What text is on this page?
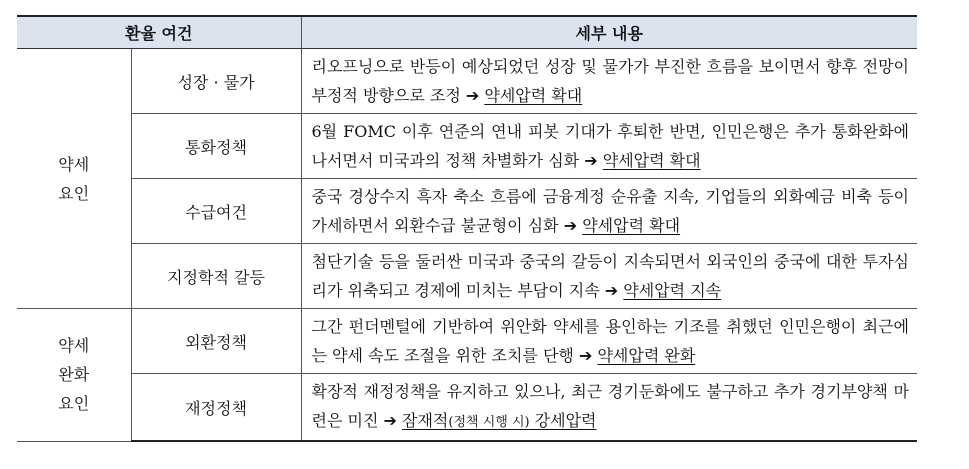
환율 여건		세부 내용
약세
요인	성장 · 물가	리오프닝으로 반등이 예상되었던 성장 및 물가가 부진한 흐름을 보이면서 향후 전망이 부정적 방향으로 조정 ➔ 약세압력 확대
	통화정책	6월 FOMC 이후 연준의 연내 피봇 기대가 후퇴한 반면, 인민은행은 추가 통화완화에 나서면서 미국과의 정책 차별화가 심화 ➔ 약세압력 확대
	수급여건	중국 경상수지 흑자 축소 흐름에 금융계정 순유출 지속, 기업들의 외화예금 비축 등이 가세하면서 외환수급 불균형이 심화 ➔ 약세압력 확대
	지정학적 갈등	첨단기술 등을 둘러싼 미국과 중국의 갈등이 지속되면서 외국인의 중국에 대한 투자심리가 위축되고 경제에 미치는 부담이 지속 ➔ 약세압력 지속
약세
완화
요인	외환정책	그간 펀더멘털에 기반하여 위안화 약세를 용인하는 기조를 취했던 인민은행이 최근에는 약세 속도 조절을 위한 조치를 단행 ➔ 약세압력 완화
	재정정책	확장적 재정정책을 유지하고 있으나, 최근 경기둔화에도 불구하고 추가 경기부양책 마련은 미진 ➔ 잠재적(정책 시행 시) 강세압력
